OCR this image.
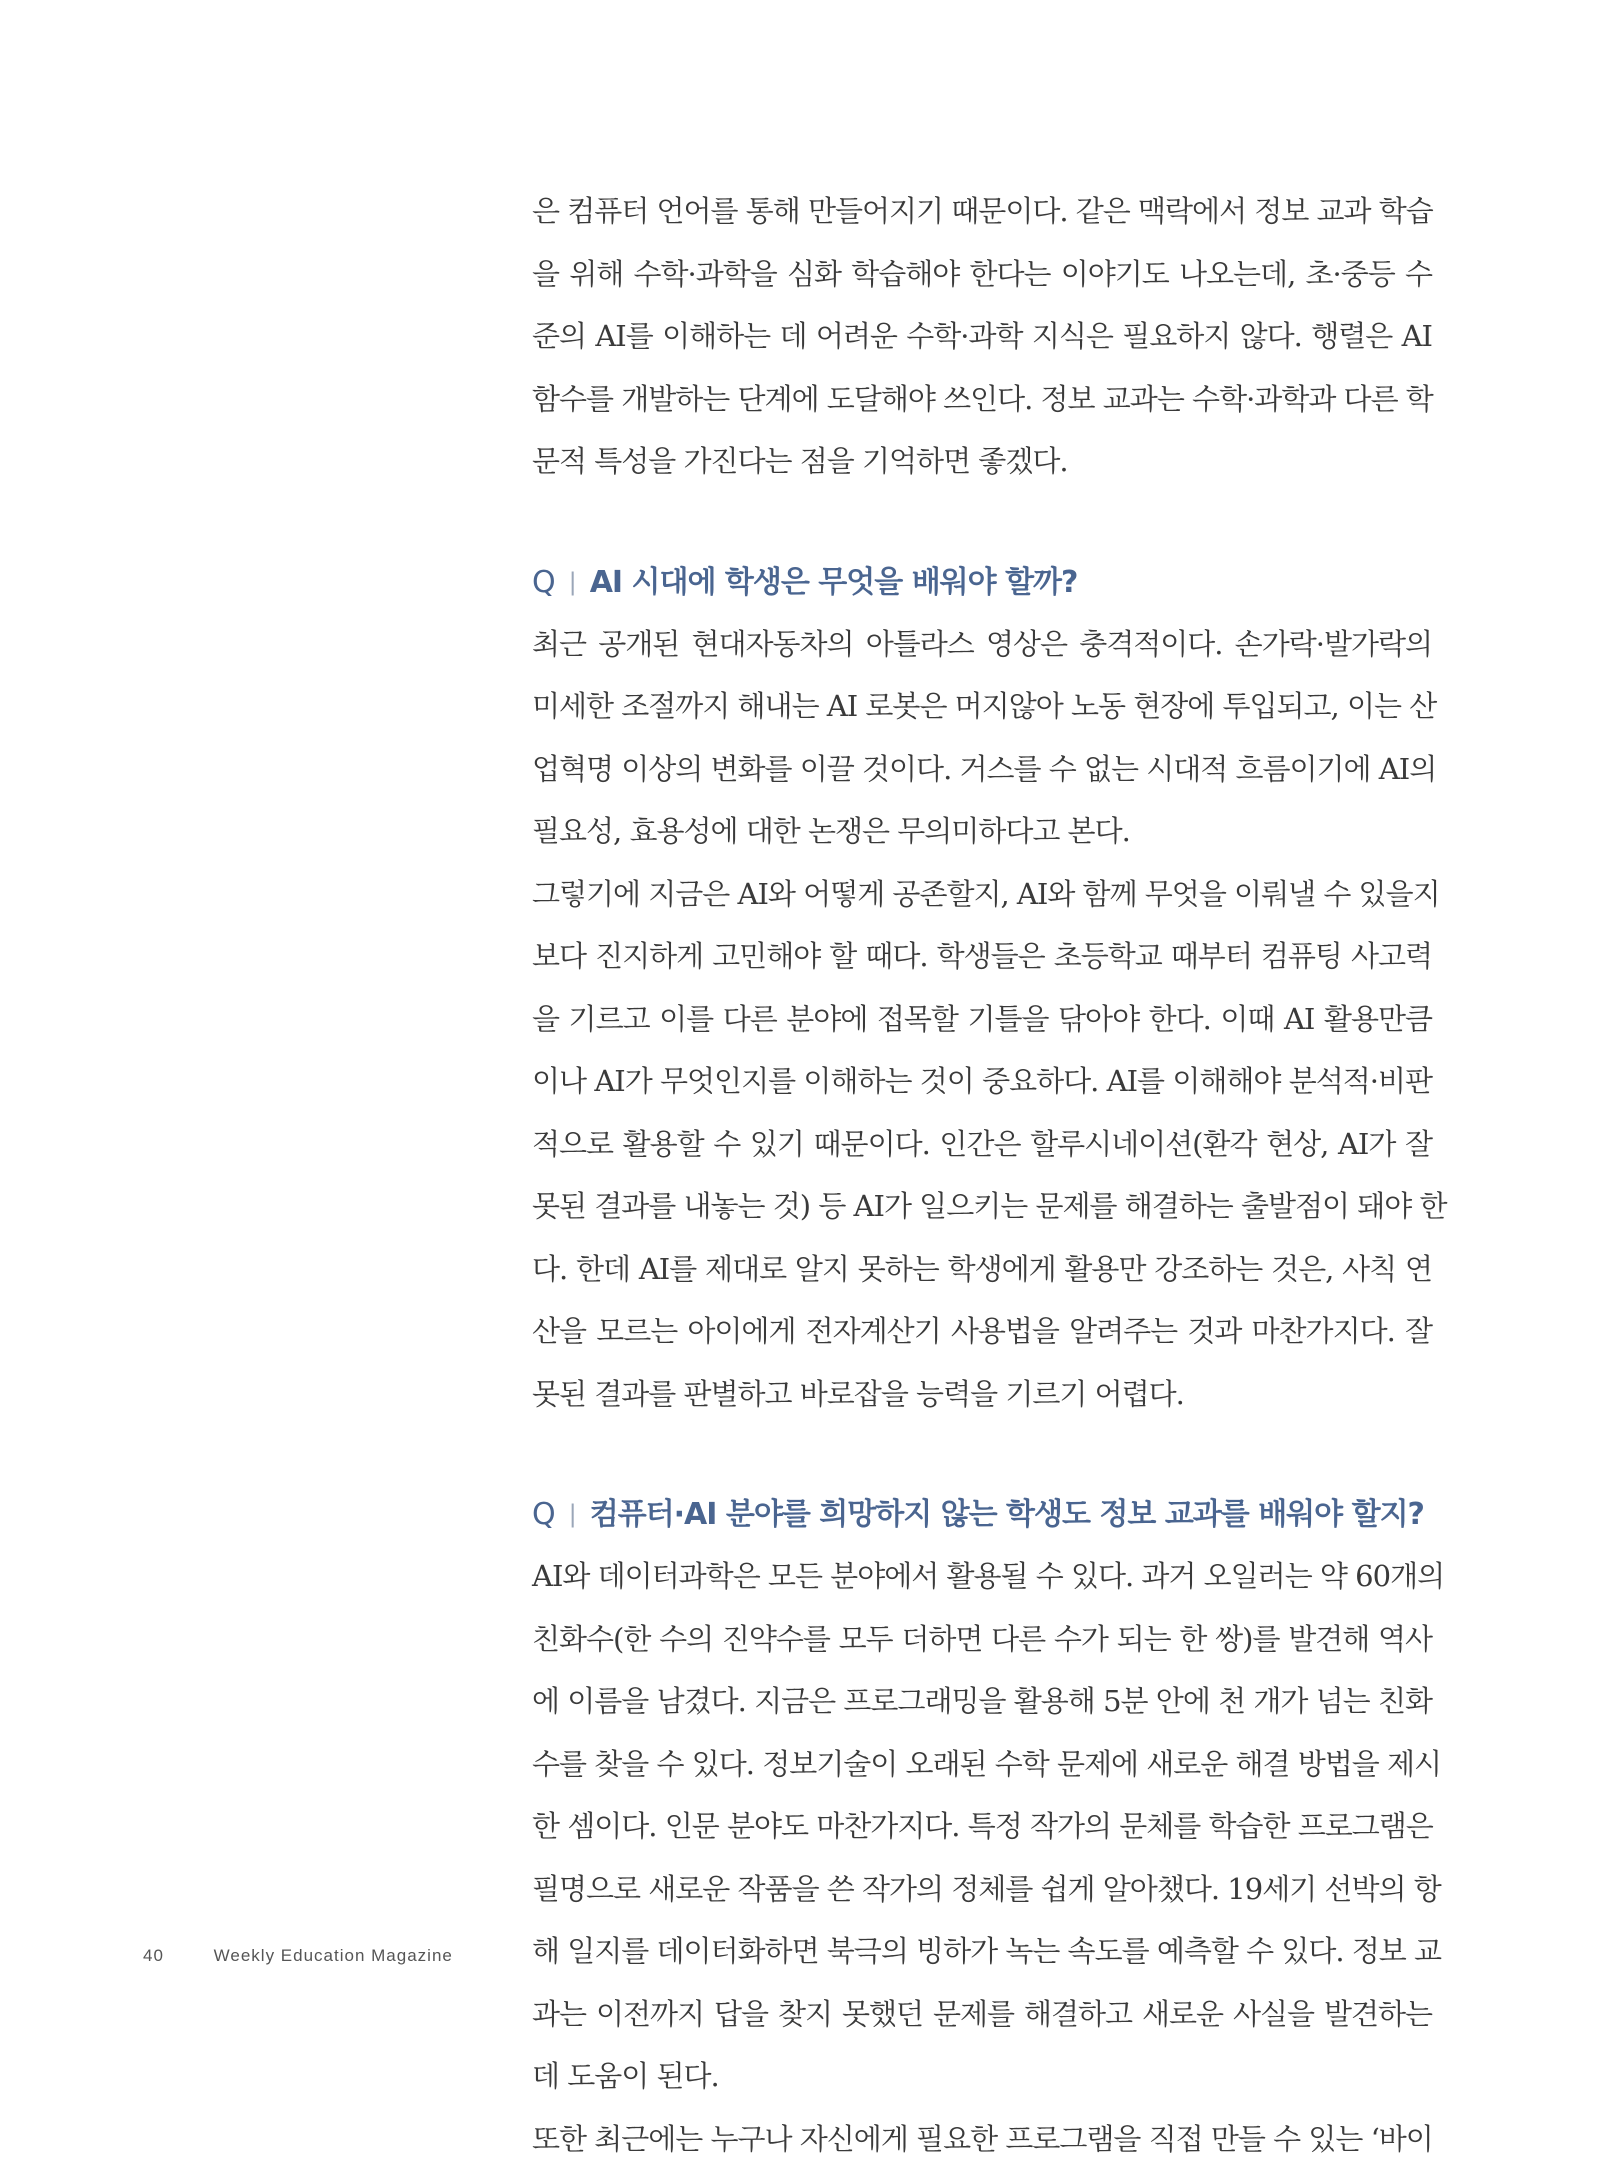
은 컴퓨터 언어를 통해 만들어지기 때문이다. 같은 맥락에서 정보 교과 학습
을 위해 수학·과학을 심화 학습해야 한다는 이야기도 나오는데, 초·중등 수
준의 AI를 이해하는 데 어려운 수학·과학 지식은 필요하지 않다. 행렬은 AI
함수를 개발하는 단계에 도달해야 쓰인다. 정보 교과는 수학·과학과 다른 학
문적 특성을 가진다는 점을 기억하면 좋겠다.
Q | AI 시대에 학생은 무엇을 배워야 할까?
최근 공개된 현대자동차의 아틀라스 영상은 충격적이다. 손가락·발가락의
미세한 조절까지 해내는 AI 로봇은 머지않아 노동 현장에 투입되고, 이는 산
업혁명 이상의 변화를 이끌 것이다. 거스를 수 없는 시대적 흐름이기에 AI의
필요성, 효용성에 대한 논쟁은 무의미하다고 본다.
그렇기에 지금은 AI와 어떻게 공존할지, AI와 함께 무엇을 이뤄낼 수 있을지
보다 진지하게 고민해야 할 때다. 학생들은 초등학교 때부터 컴퓨팅 사고력
을 기르고 이를 다른 분야에 접목할 기틀을 닦아야 한다. 이때 AI 활용만큼
이나 AI가 무엇인지를 이해하는 것이 중요하다. AI를 이해해야 분석적·비판
적으로 활용할 수 있기 때문이다. 인간은 할루시네이션(환각 현상, AI가 잘
못된 결과를 내놓는 것) 등 AI가 일으키는 문제를 해결하는 출발점이 돼야 한
다. 한데 AI를 제대로 알지 못하는 학생에게 활용만 강조하는 것은, 사칙 연
산을 모르는 아이에게 전자계산기 사용법을 알려주는 것과 마찬가지다. 잘
못된 결과를 판별하고 바로잡을 능력을 기르기 어렵다.
Q | 컴퓨터·AI 분야를 희망하지 않는 학생도 정보 교과를 배워야 할지?
AI와 데이터과학은 모든 분야에서 활용될 수 있다. 과거 오일러는 약 60개의
친화수(한 수의 진약수를 모두 더하면 다른 수가 되는 한 쌍)를 발견해 역사
에 이름을 남겼다. 지금은 프로그래밍을 활용해 5분 안에 천 개가 넘는 친화
수를 찾을 수 있다. 정보기술이 오래된 수학 문제에 새로운 해결 방법을 제시
한 셈이다. 인문 분야도 마찬가지다. 특정 작가의 문체를 학습한 프로그램은
필명으로 새로운 작품을 쓴 작가의 정체를 쉽게 알아챘다. 19세기 선박의 항
해 일지를 데이터화하면 북극의 빙하가 녹는 속도를 예측할 수 있다. 정보 교
과는 이전까지 답을 찾지 못했던 문제를 해결하고 새로운 사실을 발견하는
데 도움이 된다.
또한 최근에는 누구나 자신에게 필요한 프로그램을 직접 만들 수 있는 ‘바이
40	Weekly Education Magazine
